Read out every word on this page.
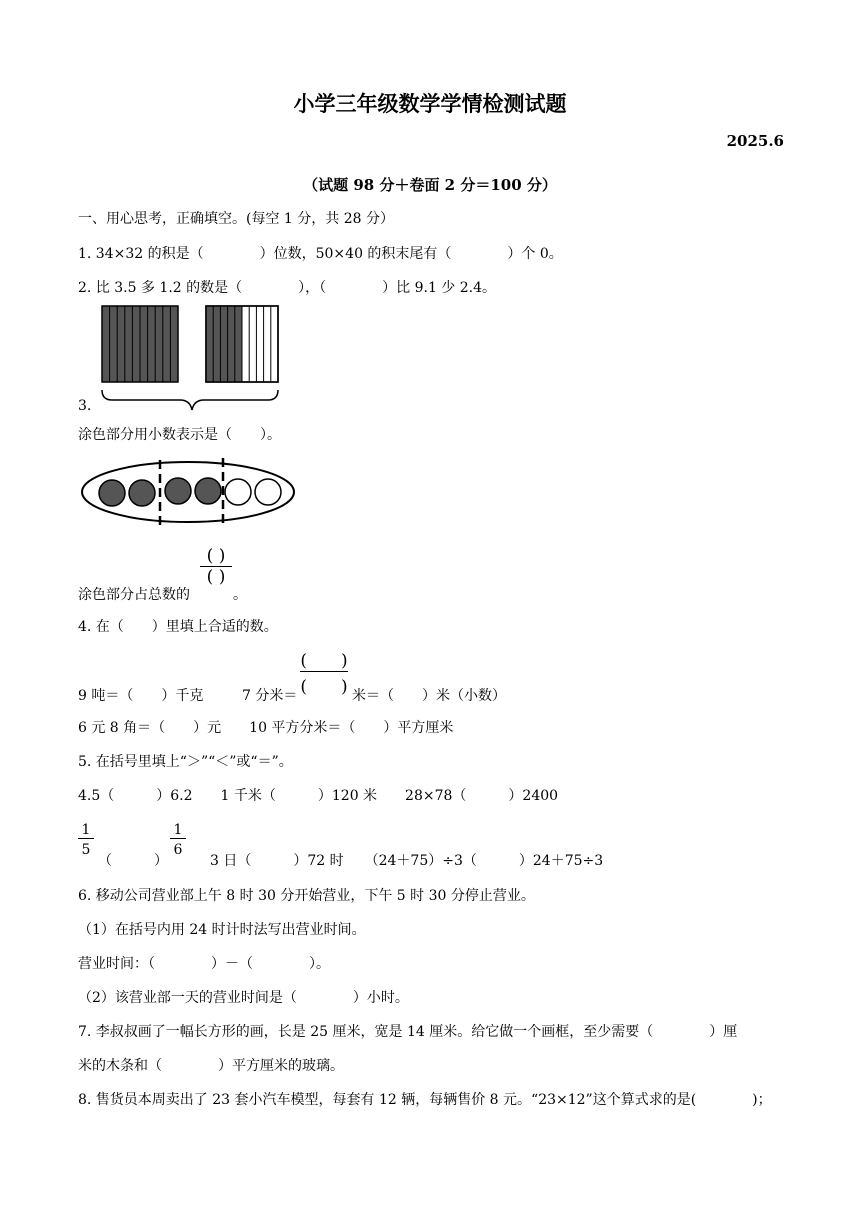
小学三年级数学学情检测试题
2025.6
（试题 98 分＋卷面 2 分＝100 分）
一、用心思考，正确填空。(每空 1 分，共 28 分）
1. 34×32 的积是（　　　　）位数，50×40 的积末尾有（　　　　）个 0。
2. 比 3.5 多 1.2 的数是（　　　　），（　　　　）比 9.1 少 2.4。
3.
涂色部分用小数表示是（　　）。
涂色部分占总数的
( )
( )
。
4. 在（　　）里填上合适的数。
9 吨＝（　　）千克	7 分米＝
(　　)
(　　) 米＝（　　）米（小数）
6 元 8 角＝（　　）元　　10 平方分米＝（　　）平方厘米
5. 在括号里填上“＞”“＜”或“＝”。
4.5（　　　）6.2　　1 千米（　　　）120 米　　28×78（　　　）2400
$\frac{1}{5}$
（　　　）
$\frac{1}{6}$
3 日（　　　）72 时　　（24＋75）÷3（　　　）24＋75÷3
6. 移动公司营业部上午 8 时 30 分开始营业，下午 5 时 30 分停止营业。
（1）在括号内用 24 时计时法写出营业时间。
营业时间：（　　　　）－（　　　　）。
（2）该营业部一天的营业时间是（　　　　）小时。
7. 李叔叔画了一幅长方形的画，长是 25 厘米，宽是 14 厘米。给它做一个画框，至少需要（　　　　）厘
米的木条和（　　　　）平方厘米的玻璃。
8. 售货员本周卖出了 23 套小汽车模型，每套有 12 辆，每辆售价 8 元。“23×12”这个算式求的是(　　　　)；
